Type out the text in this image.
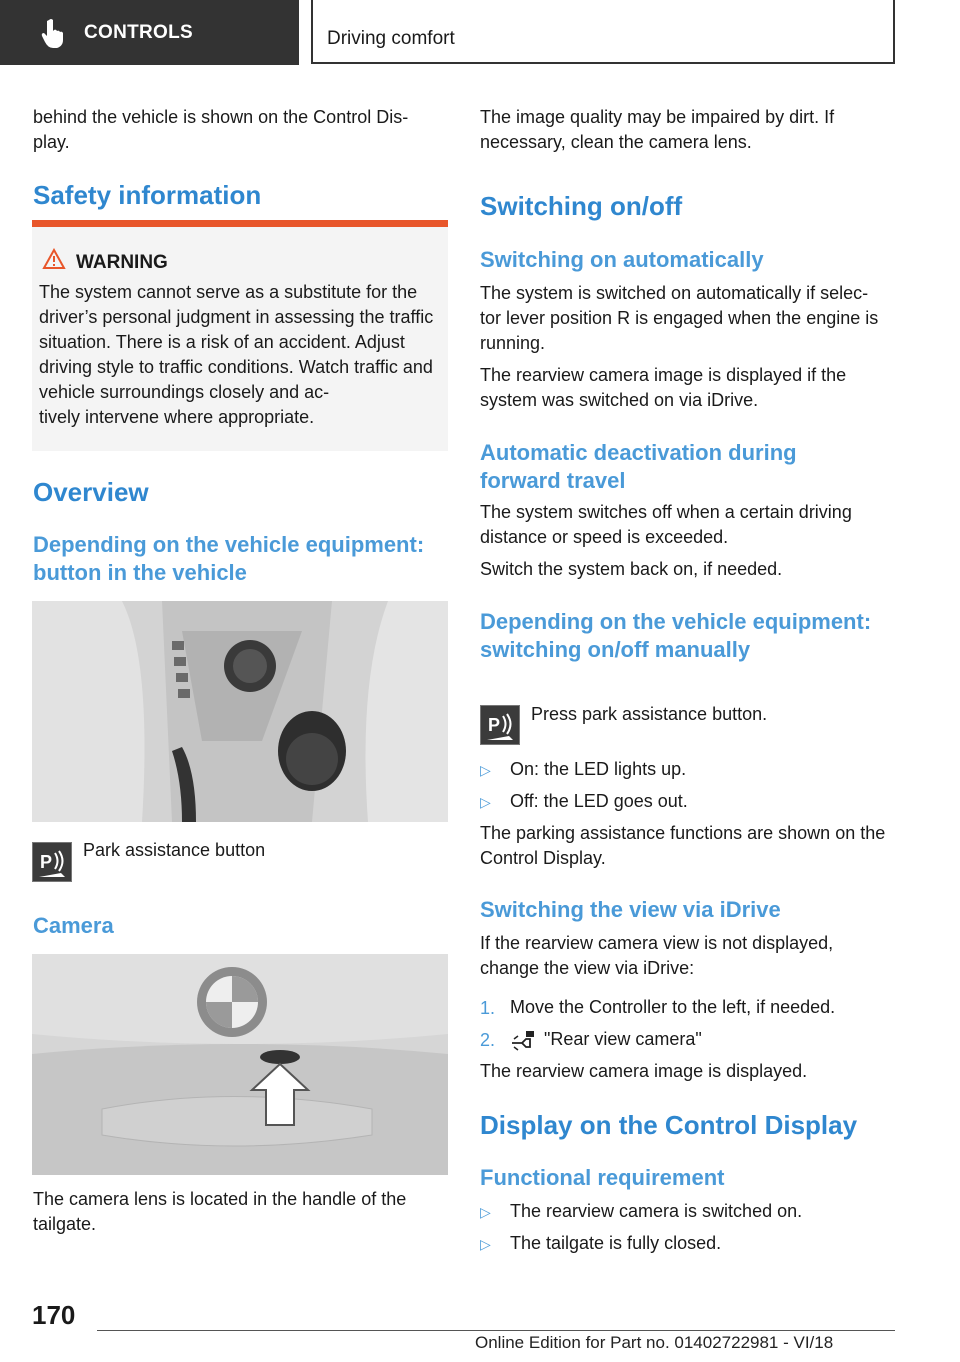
CONTROLS	Driving comfort

behind the vehicle is shown on the Control Dis-
play.

Safety information
WARNING
The system cannot serve as a substitute for the driver’s personal judgment in assessing the traffic situation. There is a risk of an accident. Adjust driving style to traffic conditions. Watch traffic and vehicle surroundings closely and ac-
tively intervene where appropriate.
Overview
Depending on the vehicle equipment: button in the vehicle
P
Park assistance button
Camera

The camera lens is located in the handle of the tailgate.

The image quality may be impaired by dirt. If necessary, clean the camera lens.

Switching on/off
Switching on automatically

The system is switched on automatically if selec-
tor lever position R is engaged when the engine is running.

The rearview camera image is displayed if the system was switched on via iDrive.

Automatic deactivation during forward travel

The system switches off when a certain driving distance or speed is exceeded.

Switch the system back on, if needed.

Depending on the vehicle equipment: switching on/off manually
P
Press park assistance button.
▷	On: the LED lights up.
▷	Off: the LED goes out.

The parking assistance functions are shown on the Control Display.

Switching the view via iDrive

If the rearview camera view is not displayed, change the view via iDrive:

1. Move the Controller to the left, if needed.
2.	"Rear view camera"

The rearview camera image is displayed.

Display on the Control Display
Functional requirement
▷	The rearview camera is switched on.
▷	The tailgate is fully closed.
170
Online Edition for Part no. 01402722981 - VI/18
